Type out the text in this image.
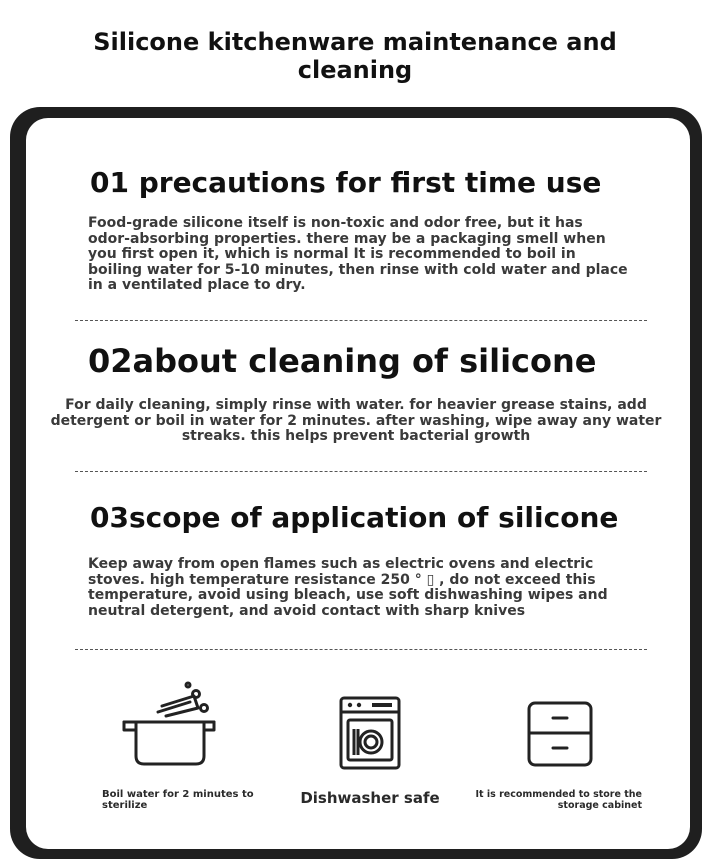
Silicone kitchenware maintenance and cleaning
01 precautions for first time use
Food-grade silicone itself is non-toxic and odor free, but it has odor-absorbing properties. there may be a packaging smell when you first open it, which is normal It is recommended to boil in boiling water for 5-10 minutes, then rinse with cold water and place in a ventilated place to dry.
02about cleaning of silicone
For daily cleaning, simply rinse with water. for heavier grease stains, add detergent or boil in water for 2 minutes. after washing, wipe away any water streaks. this helps prevent bacterial growth
03scope of application of silicone
Keep away from open flames such as electric ovens and electric stoves. high temperature resistance 250 ° ▯ , do not exceed this temperature, avoid using bleach, use soft dishwashing wipes and neutral detergent, and avoid contact with sharp knives
Boil water for 2 minutes to sterilize	Dishwasher safe	It is recommended to store the storage cabinet
